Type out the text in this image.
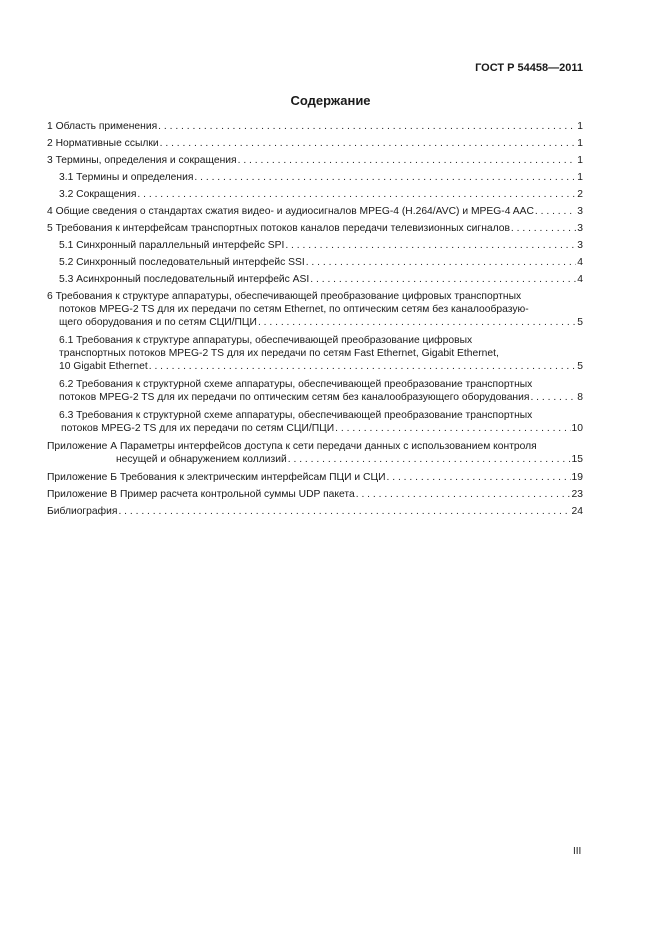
ГОСТ Р 54458—2011
Содержание
1 Область применения . . .	1
2 Нормативные ссылки . . .	1
3 Термины, определения и сокращения . . .	1
3.1 Термины и определения . . .	1
3.2 Сокращения . . .	2
4 Общие сведения о стандартах сжатия видео- и аудиосигналов MPEG-4 (H.264/AVC) и MPEG-4 AAC . . .	3
5 Требования к интерфейсам транспортных потоков каналов передачи телевизионных сигналов . . .	3
5.1 Синхронный параллельный интерфейс SPI . . .	3
5.2 Синхронный последовательный интерфейс SSI . . .	4
5.3 Асинхронный последовательный интерфейс ASI . . .	4
6 Требования к структуре аппаратуры, обеспечивающей преобразование цифровых транспортных
потоков MPEG-2 TS для их передачи по сетям Ethernet, по оптическим сетям без каналообразую-
щего оборудования и по сетям СЦИ/ПЦИ . . .	5
6.1 Требования к структуре аппаратуры, обеспечивающей преобразование цифровых
транспортных потоков MPEG-2 TS для их передачи по сетям Fast Ethernet, Gigabit Ethernet,
10 Gigabit Ethernet . . .	5
6.2 Требования к структурной схеме аппаратуры, обеспечивающей преобразование транспортных
потоков MPEG-2 TS для их передачи по оптическим сетям без каналообразующего оборудования . . .	8
6.3 Требования к структурной схеме аппаратуры, обеспечивающей преобразование транспортных
потоков MPEG-2 TS для их передачи по сетям СЦИ/ПЦИ . . .	10
Приложение А Параметры интерфейсов доступа к сети передачи данных с использованием контроля
несущей и обнаружением коллизий . . .	15
Приложение Б Требования к электрическим интерфейсам ПЦИ и СЦИ . . .	19
Приложение В Пример расчета контрольной суммы UDP пакета . . .	23
Библиография . . .	24
III
